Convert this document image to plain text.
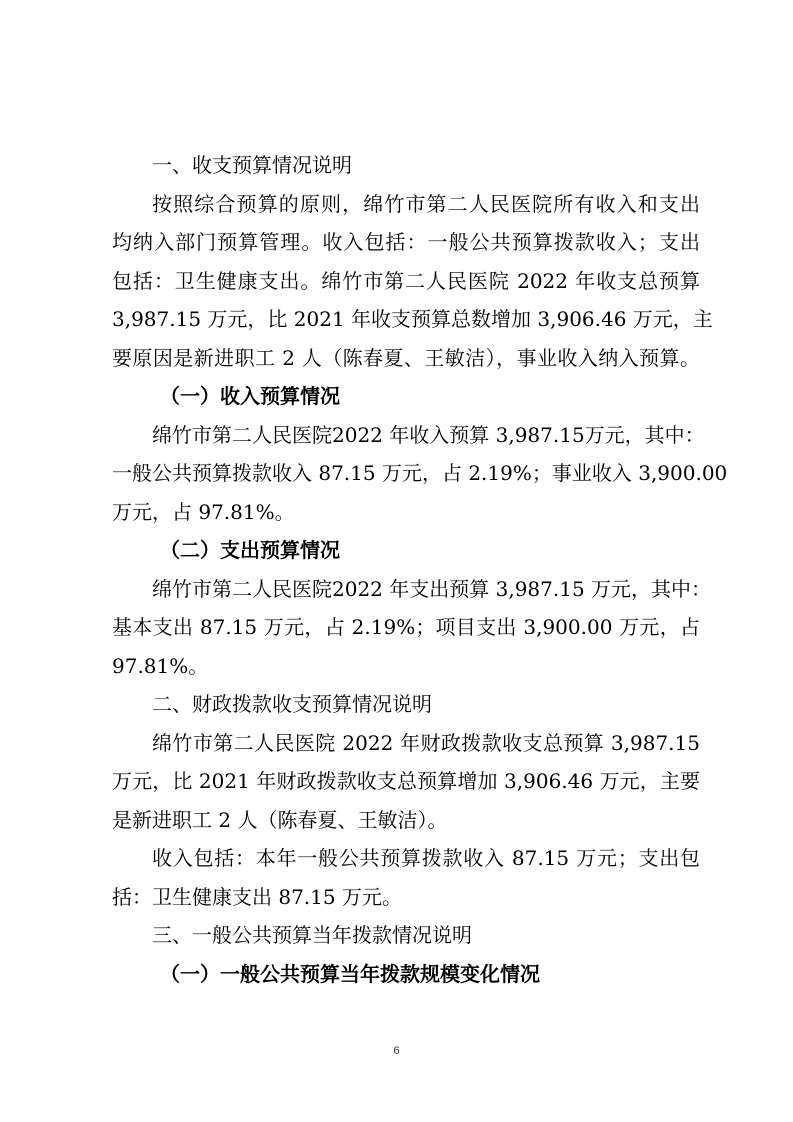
一、收支预算情况说明
按照综合预算的原则，绵竹市第二人民医院所有收入和支出
均纳入部门预算管理。收入包括：一般公共预算拨款收入；支出
包括：卫生健康支出。绵竹市第二人民医院 2022 年收支总预算
3,987.15 万元，比 2021 年收支预算总数增加 3,906.46 万元，主
要原因是新进职工 2 人（陈春夏、王敏洁），事业收入纳入预算。
（一）收入预算情况
绵竹市第二人民医院2022 年收入预算 3,987.15万元，其中：
一般公共预算拨款收入 87.15 万元，占 2.19%；事业收入 3,900.00
万元，占 97.81%。
（二）支出预算情况
绵竹市第二人民医院2022 年支出预算 3,987.15 万元，其中：
基本支出 87.15 万元，占 2.19%；项目支出 3,900.00 万元，占
97.81%。
二、财政拨款收支预算情况说明
绵竹市第二人民医院 2022 年财政拨款收支总预算 3,987.15
万元，比 2021 年财政拨款收支总预算增加 3,906.46 万元，主要
是新进职工 2 人（陈春夏、王敏洁）。
收入包括：本年一般公共预算拨款收入 87.15 万元；支出包
括：卫生健康支出 87.15 万元。
三、一般公共预算当年拨款情况说明
（一）一般公共预算当年拨款规模变化情况
6
